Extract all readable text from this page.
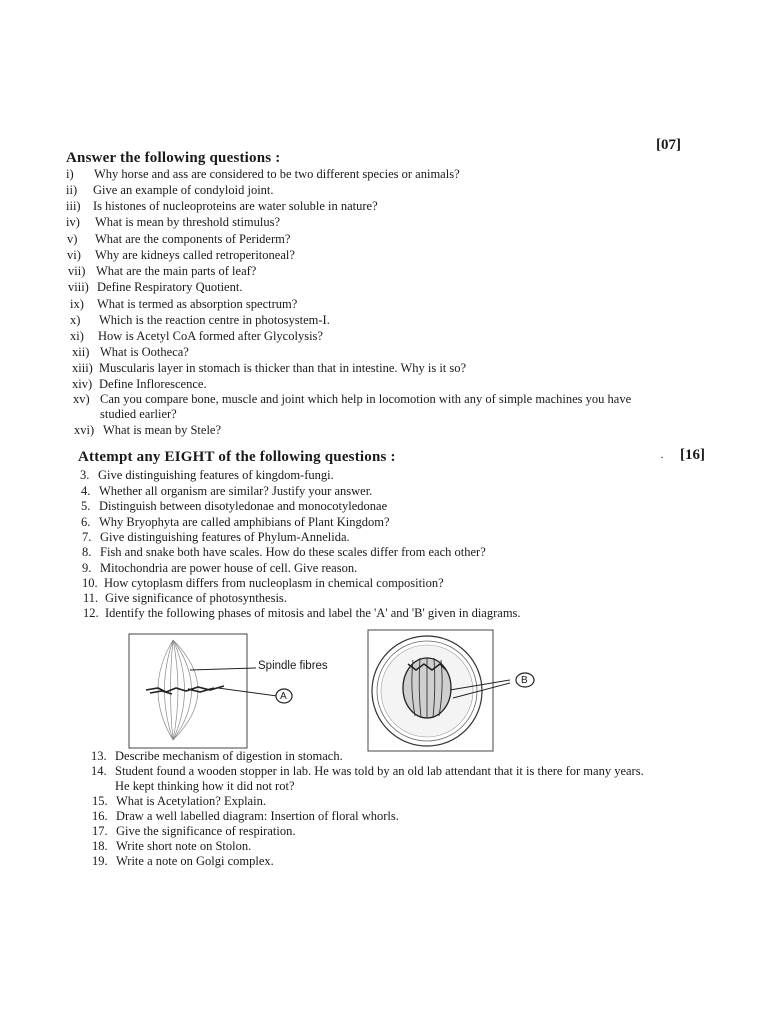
[07]
Answer the following questions :
i) Why horse and ass are considered to be two different species or animals?
ii) Give an example of condyloid joint.
iii) Is histones of nucleoproteins are water soluble in nature?
iv) What is mean by threshold stimulus?
v) What are the components of Periderm?
vi) Why are kidneys called retroperitoneal?
vii) What are the main parts of leaf?
viii) Define Respiratory Quotient.
ix) What is termed as absorption spectrum?
x) Which is the reaction centre in photosystem-I.
xi) How is Acetyl CoA formed after Glycolysis?
xii) What is Ootheca?
xiii) Muscularis layer in stomach is thicker than that in intestine. Why is it so?
xiv) Define Inflorescence.
xv) Can you compare bone, muscle and joint which help in locomotion with any of simple machines you have
studied earlier?
xvi) What is mean by Stele?
Attempt any EIGHT of the following questions :	· [16]
3. Give distinguishing features of kingdom-fungi.
4. Whether all organism are similar? Justify your answer.
5. Distinguish between disotyledonae and monocotyledonae
6. Why Bryophyta are called amphibians of Plant Kingdom?
7. Give distinguishing features of Phylum-Annelida.
8. Fish and snake both have scales. How do these scales differ from each other?
9. Mitochondria are power house of cell. Give reason.
10. How cytoplasm differs from nucleoplasm in chemical composition?
11. Give significance of photosynthesis.
12. Identify the following phases of mitosis and label the 'A' and 'B' given in diagrams.
Spindle fibres
A
B
13. Describe mechanism of digestion in stomach.
14. Student found a wooden stopper in lab. He was told by an old lab attendant that it is there for many years.
He kept thinking how it did not rot?
15. What is Acetylation? Explain.
16. Draw a well labelled diagram: Insertion of floral whorls.
17. Give the significance of respiration.
18. Write short note on Stolon.
19. Write a note on Golgi complex.
